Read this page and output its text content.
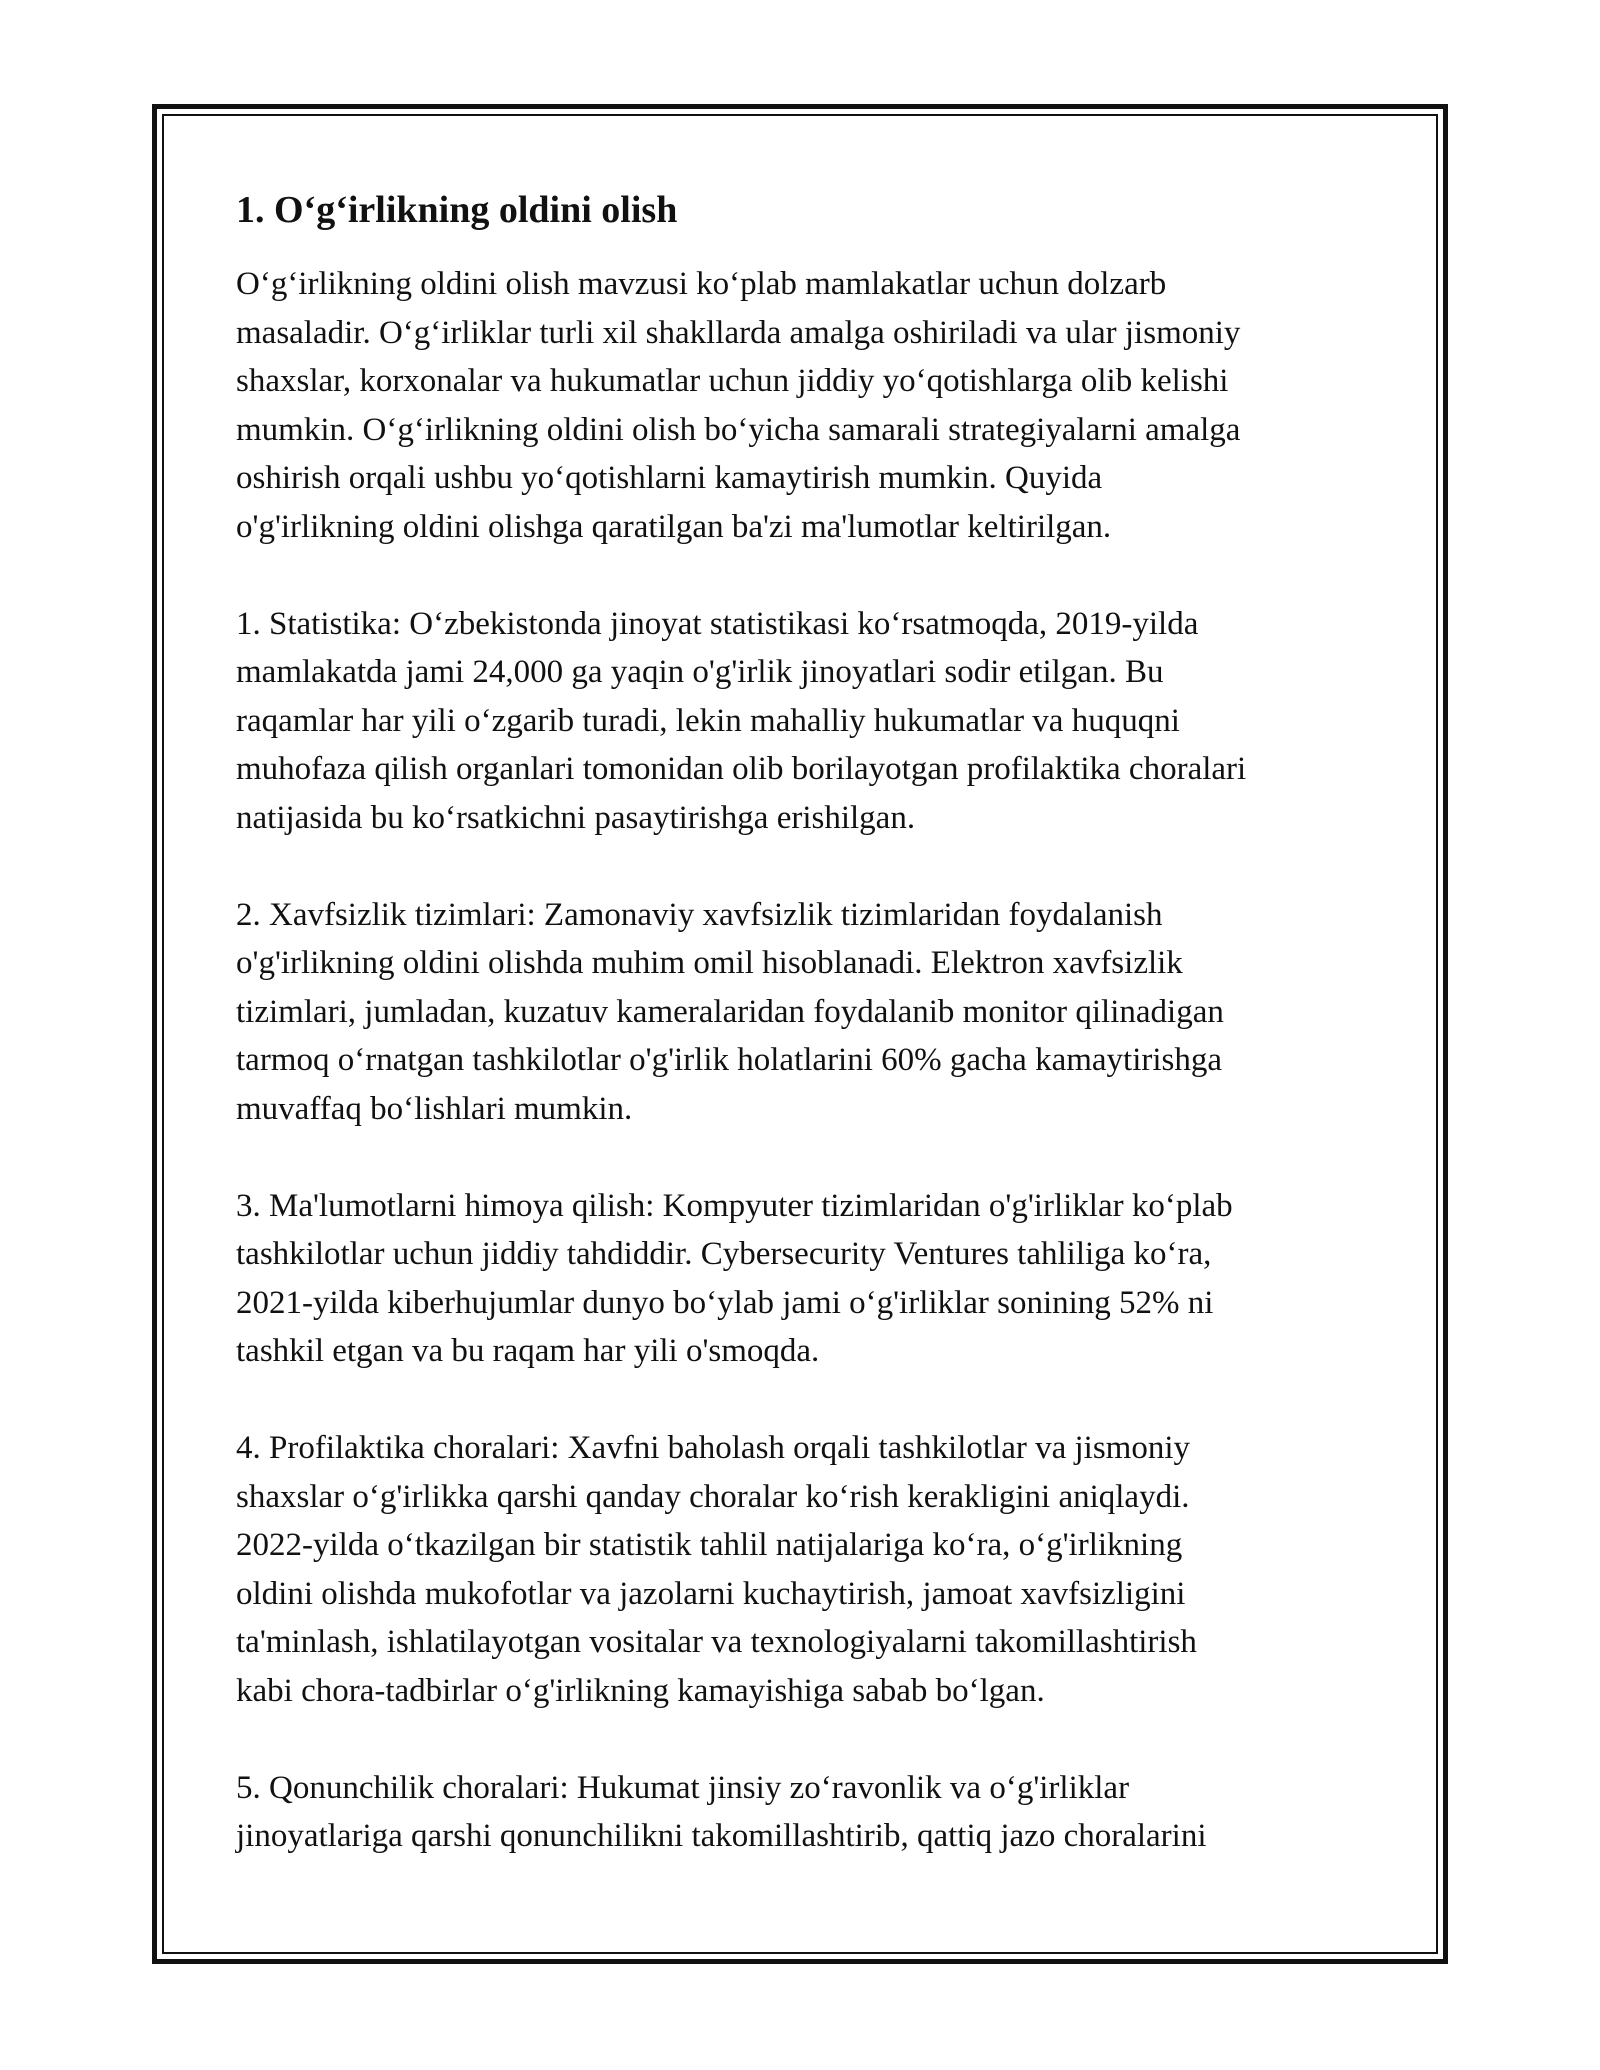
1. O‘g‘irlikning oldini olish

O‘g‘irlikning oldini olish mavzusi ko‘plab mamlakatlar uchun dolzarb
masaladir. O‘g‘irliklar turli xil shakllarda amalga oshiriladi va ular jismoniy
shaxslar, korxonalar va hukumatlar uchun jiddiy yo‘qotishlarga olib kelishi
mumkin. O‘g‘irlikning oldini olish bo‘yicha samarali strategiyalarni amalga
oshirish orqali ushbu yo‘qotishlarni kamaytirish mumkin. Quyida
o'g'irlikning oldini olishga qaratilgan ba'zi ma'lumotlar keltirilgan.

1. Statistika: O‘zbekistonda jinoyat statistikasi ko‘rsatmoqda, 2019-yilda
mamlakatda jami 24,000 ga yaqin o'g'irlik jinoyatlari sodir etilgan. Bu
raqamlar har yili o‘zgarib turadi, lekin mahalliy hukumatlar va huquqni
muhofaza qilish organlari tomonidan olib borilayotgan profilaktika choralari
natijasida bu ko‘rsatkichni pasaytirishga erishilgan.

2. Xavfsizlik tizimlari: Zamonaviy xavfsizlik tizimlaridan foydalanish
o'g'irlikning oldini olishda muhim omil hisoblanadi. Elektron xavfsizlik
tizimlari, jumladan, kuzatuv kameralaridan foydalanib monitor qilinadigan
tarmoq o‘rnatgan tashkilotlar o'g'irlik holatlarini 60% gacha kamaytirishga
muvaffaq bo‘lishlari mumkin.

3. Ma'lumotlarni himoya qilish: Kompyuter tizimlaridan o'g'irliklar ko‘plab
tashkilotlar uchun jiddiy tahdiddir. Cybersecurity Ventures tahliliga ko‘ra,
2021-yilda kiberhujumlar dunyo bo‘ylab jami o‘g'irliklar sonining 52% ni
tashkil etgan va bu raqam har yili o'smoqda.

4. Profilaktika choralari: Xavfni baholash orqali tashkilotlar va jismoniy
shaxslar o‘g'irlikka qarshi qanday choralar ko‘rish kerakligini aniqlaydi.
2022-yilda o‘tkazilgan bir statistik tahlil natijalariga ko‘ra, o‘g'irlikning
oldini olishda mukofotlar va jazolarni kuchaytirish, jamoat xavfsizligini
ta'minlash, ishlatilayotgan vositalar va texnologiyalarni takomillashtirish
kabi chora-tadbirlar o‘g'irlikning kamayishiga sabab bo‘lgan.

5. Qonunchilik choralari: Hukumat jinsiy zo‘ravonlik va o‘g'irliklar
jinoyatlariga qarshi qonunchilikni takomillashtirib, qattiq jazo choralarini
